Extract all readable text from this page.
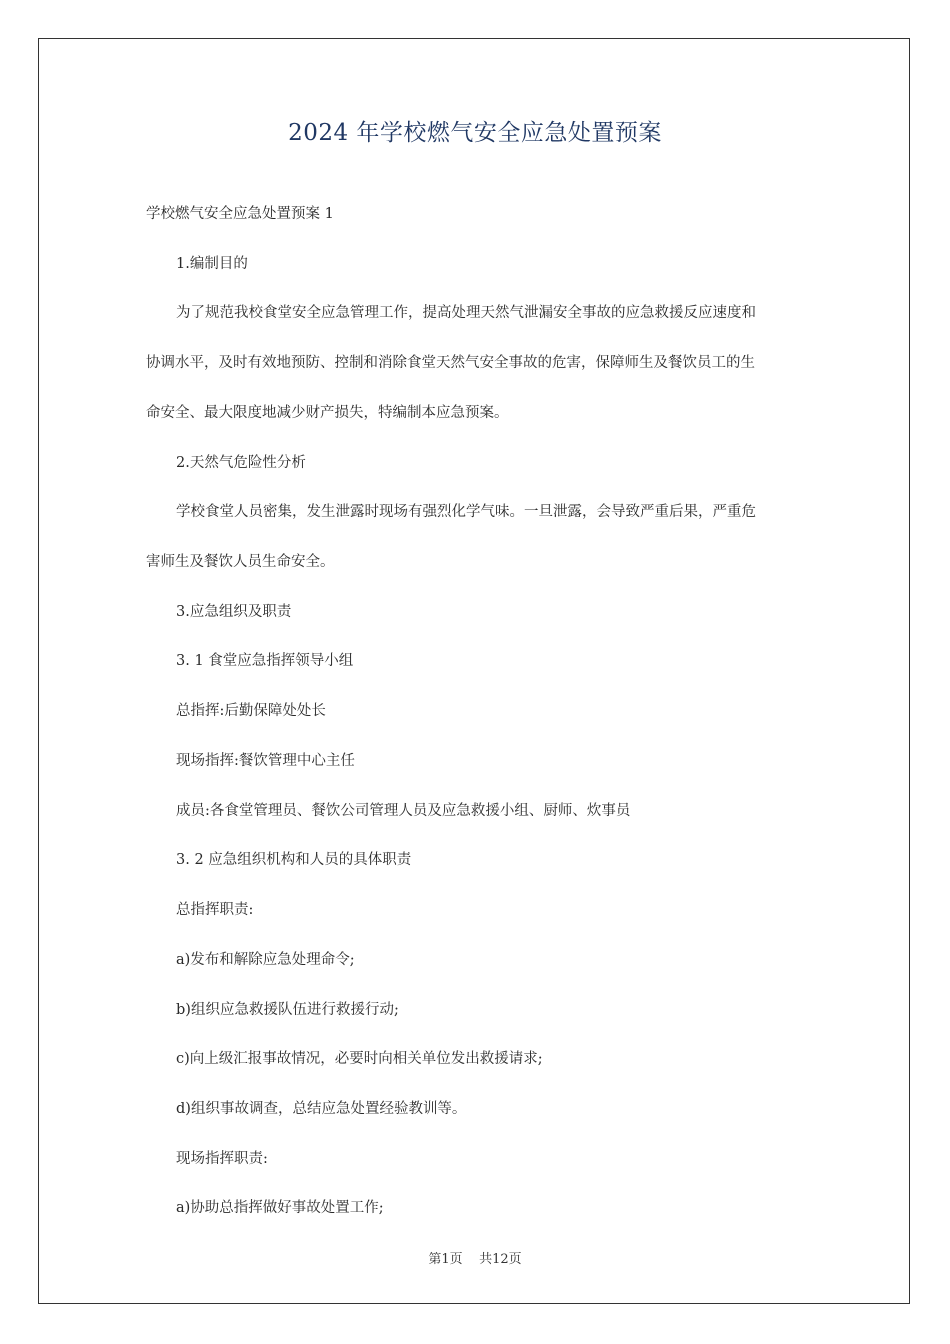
2024 年学校燃气安全应急处置预案
学校燃气安全应急处置预案 1
1.编制目的
为了规范我校食堂安全应急管理工作，提高处理天然气泄漏安全事故的应急救援反应速度和
协调水平，及时有效地预防、控制和消除食堂天然气安全事故的危害，保障师生及餐饮员工的生
命安全、最大限度地减少财产损失，特编制本应急预案。
2.天然气危险性分析
学校食堂人员密集，发生泄露时现场有强烈化学气味。一旦泄露，会导致严重后果，严重危
害师生及餐饮人员生命安全。
3.应急组织及职责
3. 1 食堂应急指挥领导小组
总指挥:后勤保障处处长
现场指挥:餐饮管理中心主任
成员:各食堂管理员、餐饮公司管理人员及应急救援小组、厨师、炊事员
3. 2 应急组织机构和人员的具体职责
总指挥职责:
a)发布和解除应急处理命令;
b)组织应急救援队伍进行救援行动;
c)向上级汇报事故情况，必要时向相关单位发出救援请求;
d)组织事故调查，总结应急处置经验教训等。
现场指挥职责:
a)协助总指挥做好事故处置工作;
第1页    共12页
